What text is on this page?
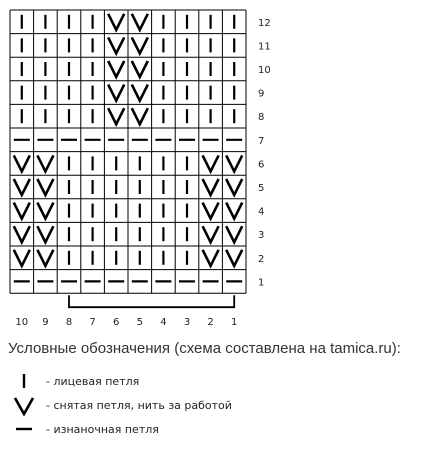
12
11
10
9
8
7
6
5
4
3
2
1
10 9 8 7 6 5 4 3 2 1
Условные обозначения (схема составлена на tamica.ru):
- лицевая петля
- снятая петля, нить за работой
- изнаночная петля
